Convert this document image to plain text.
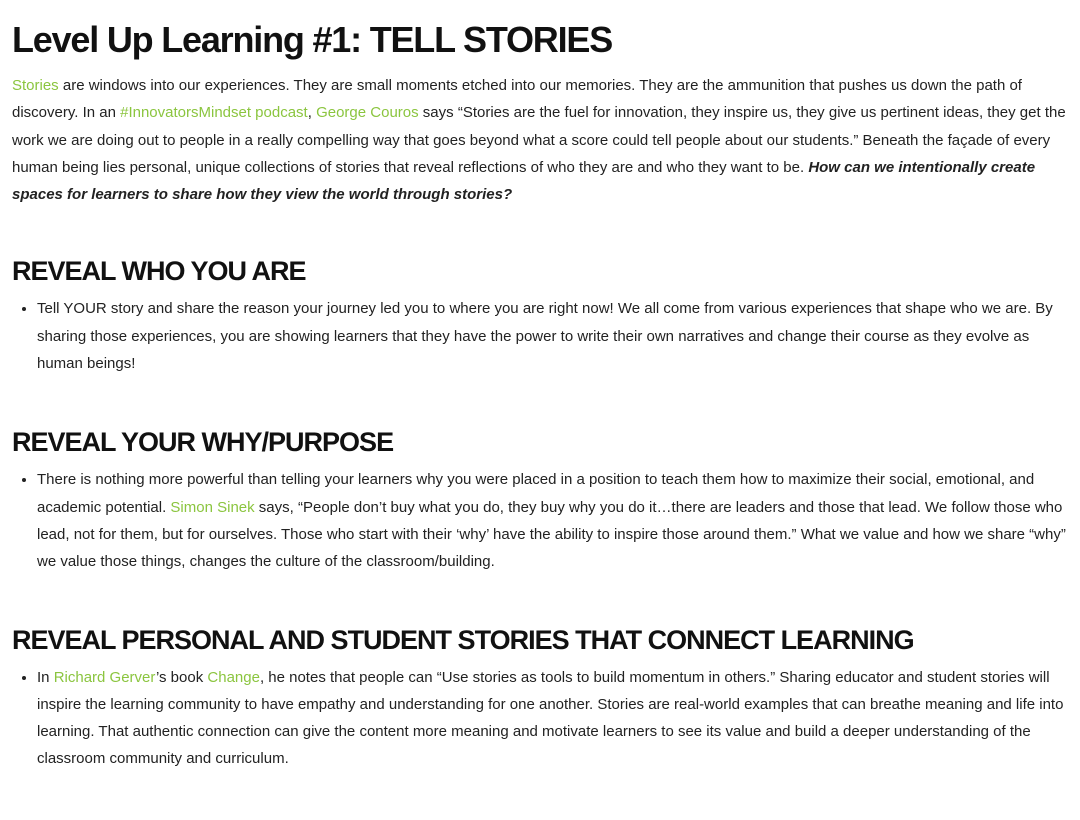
Level Up Learning #1: TELL STORIES

Stories are windows into our experiences. They are small moments etched into our memories. They are the ammunition that pushes us down the path of discovery. In an #InnovatorsMindset podcast, George Couros says “Stories are the fuel for innovation, they inspire us, they give us pertinent ideas, they get the work we are doing out to people in a really compelling way that goes beyond what a score could tell people about our students.” Beneath the façade of every human being lies personal, unique collections of stories that reveal reflections of who they are and who they want to be. How can we intentionally create spaces for learners to share how they view the world through stories?

REVEAL WHO YOU ARE
• Tell YOUR story and share the reason your journey led you to where you are right now! We all come from various experiences that shape who we are. By sharing those experiences, you are showing learners that they have the power to write their own narratives and change their course as they evolve as human beings!
REVEAL YOUR WHY/PURPOSE
• There is nothing more powerful than telling your learners why you were placed in a position to teach them how to maximize their social, emotional, and academic potential. Simon Sinek says, “People don’t buy what you do, they buy why you do it…there are leaders and those that lead. We follow those who lead, not for them, but for ourselves. Those who start with their ‘why’ have the ability to inspire those around them.” What we value and how we share “why” we value those things, changes the culture of the classroom/building.
REVEAL PERSONAL AND STUDENT STORIES THAT CONNECT LEARNING
• In Richard Gerver’s book Change, he notes that people can “Use stories as tools to build momentum in others.” Sharing educator and student stories will inspire the learning community to have empathy and understanding for one another. Stories are real-world examples that can breathe meaning and life into learning. That authentic connection can give the content more meaning and motivate learners to see its value and build a deeper understanding of the classroom community and curriculum.
